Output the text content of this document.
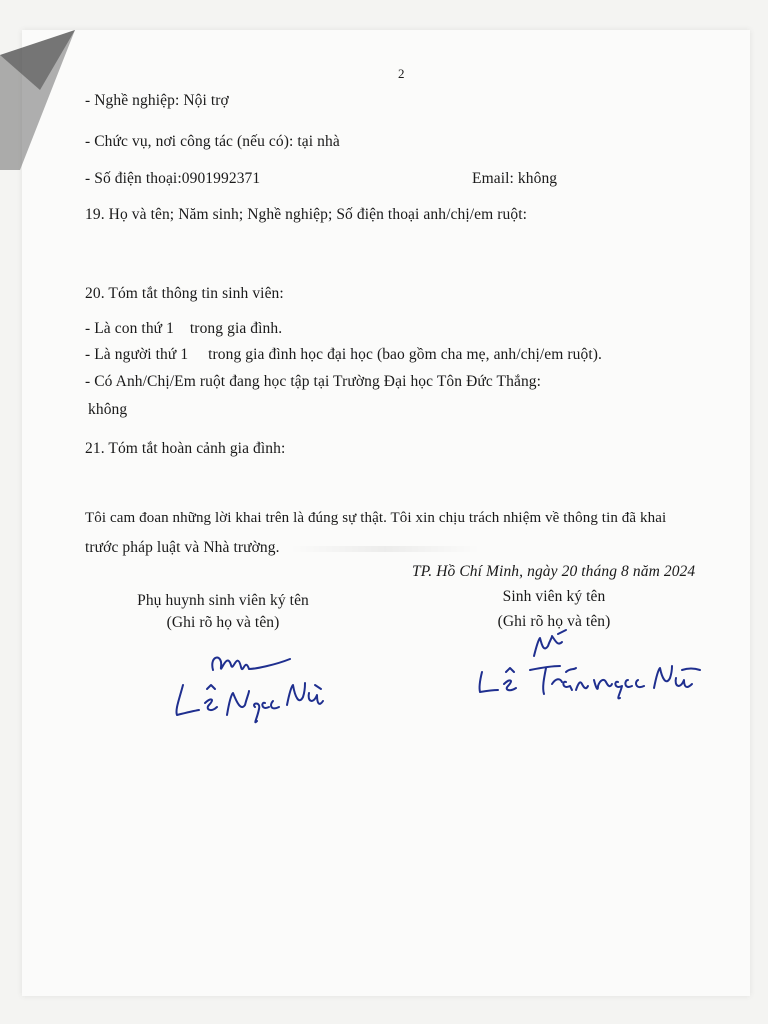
2
- Nghề nghiệp: Nội trợ
- Chức vụ, nơi công tác (nếu có): tại nhà
- Số điện thoại:0901992371	Email: không
19. Họ và tên; Năm sinh; Nghề nghiệp; Số điện thoại anh/chị/em ruột:
20. Tóm tắt thông tin sinh viên:
- Là con thứ 1    trong gia đình.
- Là người thứ 1     trong gia đình học đại học (bao gồm cha mẹ, anh/chị/em ruột).
- Có Anh/Chị/Em ruột đang học tập tại Trường Đại học Tôn Đức Thắng:
không
21. Tóm tắt hoàn cảnh gia đình:
Tôi cam đoan những lời khai trên là đúng sự thật. Tôi xin chịu trách nhiệm về thông tin đã khai
trước pháp luật và Nhà trường.
TP. Hồ Chí Minh, ngày 20 tháng 8 năm 2024
Phụ huynh sinh viên ký tên
(Ghi rõ họ và tên)
Sinh viên ký tên
(Ghi rõ họ và tên)
